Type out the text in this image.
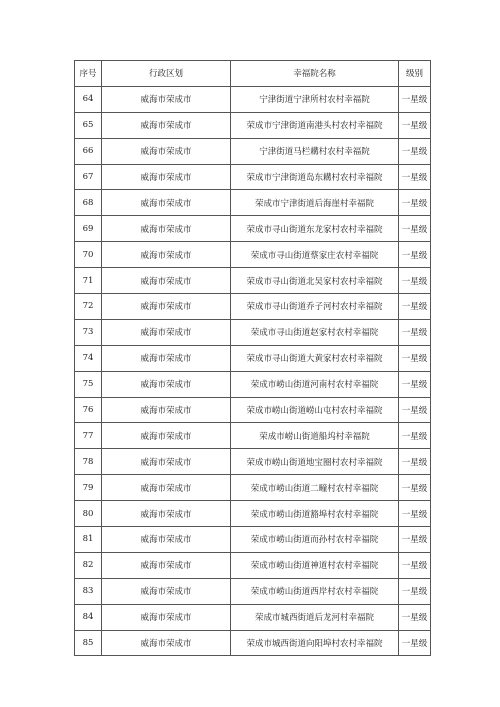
序号	行政区划	幸福院名称	级别
64	威海市荣成市	宁津街道宁津所村农村幸福院	一星级
65	威海市荣成市	荣成市宁津街道南港头村农村幸福院	一星级
66	威海市荣成市	宁津街道马栏耩村农村幸福院	一星级
67	威海市荣成市	荣成市宁津街道岛东耩村农村幸福院	一星级
68	威海市荣成市	荣成市宁津街道后海崖村幸福院	一星级
69	威海市荣成市	荣成市寻山街道东龙家村农村幸福院	一星级
70	威海市荣成市	荣成市寻山街道蔡家庄农村幸福院	一星级
71	威海市荣成市	荣成市寻山街道北吴家村农村幸福院	一星级
72	威海市荣成市	荣成市寻山街道乔子河村农村幸福院	一星级
73	威海市荣成市	荣成市寻山街道赵家村农村幸福院	一星级
74	威海市荣成市	荣成市寻山街道大黄家村农村幸福院	一星级
75	威海市荣成市	荣成市崂山街道河南村农村幸福院	一星级
76	威海市荣成市	荣成市崂山街道崂山屯村农村幸福院	一星级
77	威海市荣成市	荣成市崂山街道船坞村幸福院	一星级
78	威海市荣成市	荣成市崂山街道地宝圈村农村幸福院	一星级
79	威海市荣成市	荣成市崂山街道二疃村农村幸福院	一星级
80	威海市荣成市	荣成市崂山街道豁埠村农村幸福院	一星级
81	威海市荣成市	荣成市崂山街道而孙村农村幸福院	一星级
82	威海市荣成市	荣成市崂山街道神道村农村幸福院	一星级
83	威海市荣成市	荣成市崂山街道西岸村农村幸福院	一星级
84	威海市荣成市	荣成市城西街道后龙河村幸福院	一星级
85	威海市荣成市	荣成市城西街道向阳埠村农村幸福院	一星级
